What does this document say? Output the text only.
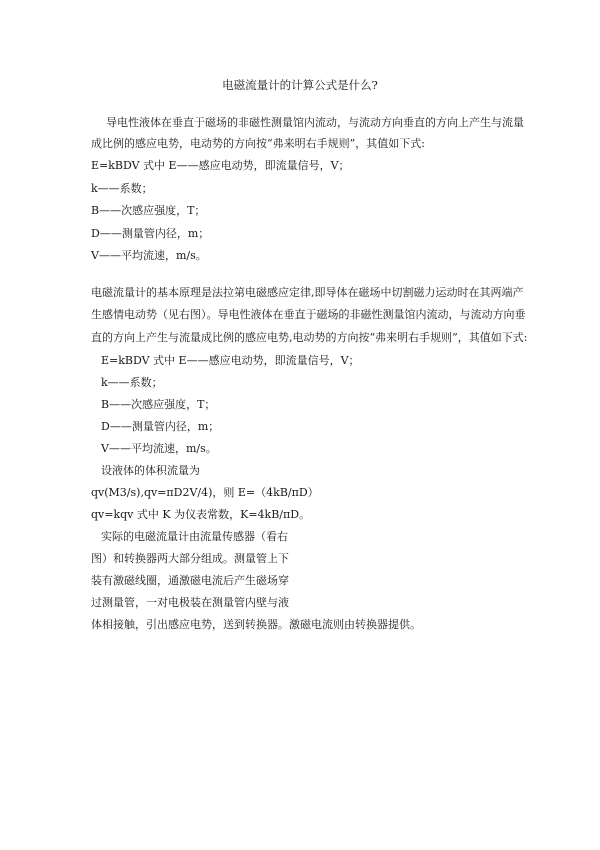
电磁流量计的计算公式是什么?
导电性液体在垂直于磁场的非磁性测量馆内流动，与流动方向垂直的方向上产生与流量
成比例的感应电势，电动势的方向按“弗来明右手规则”，其值如下式:
E=kBDV 式中 E——感应电动势，即流量信号，V；
k——系数；
B——次感应强度，T；
D——测量管内径，m；
V——平均流速，m/s。
电磁流量计的基本原理是法拉第电磁感应定律,即导体在磁场中切割磁力运动时在其两端产
生感情电动势（见右图）。导电性液体在垂直于磁场的非磁性测量馆内流动，与流动方向垂
直的方向上产生与流量成比例的感应电势,电动势的方向按“弗来明右手规则”，其值如下式:
E=kBDV 式中 E——感应电动势，即流量信号，V；
k——系数；
B——次感应强度，T；
D——测量管内径，m；
V——平均流速，m/s。
设液体的体积流量为
qv(M3/s),qv=πD2V/4)，则 E=（4kB/πD）
qv=kqv 式中 K 为仪表常数，K=4kB/πD。
实际的电磁流量计由流量传感器（看右
图）和转换器两大部分组成。测量管上下
装有激磁线圈，通激磁电流后产生磁场穿
过测量管，一对电极装在测量管内壁与液
体相接触，引出感应电势，送到转换器。激磁电流则由转换器提供。
